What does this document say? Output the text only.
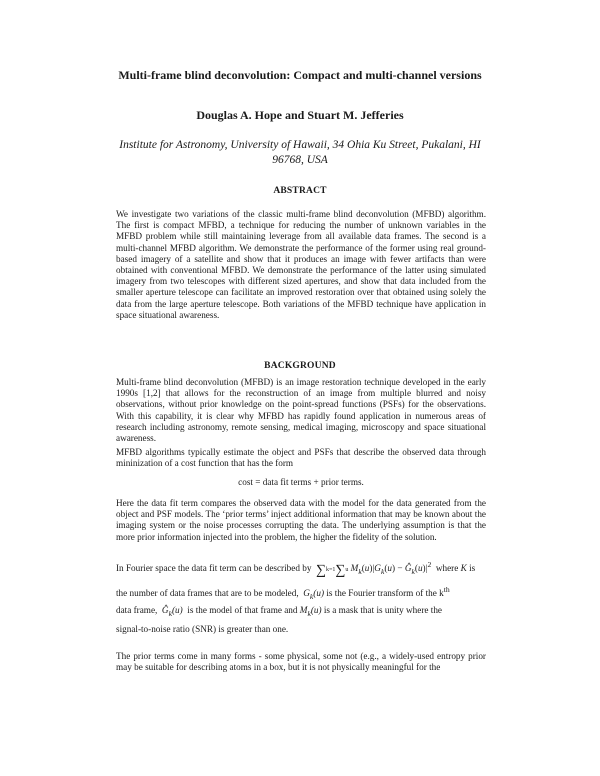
Multi-frame blind deconvolution: Compact and multi-channel versions
Douglas A. Hope and Stuart M. Jefferies
Institute for Astronomy, University of Hawaii, 34 Ohia Ku Street, Pukalani, HI 96768, USA
ABSTRACT
We investigate two variations of the classic multi-frame blind deconvolution (MFBD) algorithm. The first is compact MFBD, a technique for reducing the number of unknown variables in the MFBD problem while still maintaining leverage from all available data frames. The second is a multi-channel MFBD algorithm. We demonstrate the performance of the former using real ground-based imagery of a satellite and show that it produces an image with fewer artifacts than were obtained with conventional MFBD. We demonstrate the performance of the latter using simulated imagery from two telescopes with different sized apertures, and show that data included from the smaller aperture telescope can facilitate an improved restoration over that obtained using solely the data from the large aperture telescope. Both variations of the MFBD technique have application in space situational awareness.
BACKGROUND
Multi-frame blind deconvolution (MFBD) is an image restoration technique developed in the early 1990s [1,2] that allows for the reconstruction of an image from multiple blurred and noisy observations, without prior knowledge on the point-spread functions (PSFs) for the observations. With this capability, it is clear why MFBD has rapidly found application in numerous areas of research including astronomy, remote sensing, medical imaging, microscopy and space situational awareness.
MFBD algorithms typically estimate the object and PSFs that describe the observed data through mininization of a cost function that has the form
cost = data fit terms + prior terms.
Here the data fit term compares the observed data with the model for the data generated from the object and PSF models. The ‘prior terms’ inject additional information that may be known about the imaging system or the noise processes corrupting the data. The underlying assumption is that the more prior information injected into the problem, the higher the fidelity of the solution.
In Fourier space the data fit term can be described by ∑k=1∑u $M_k(u)|G_k(u)$ − $Ĝ_k(u)|^2$ where K is
the number of data frames that are to be modeled, $G_k(u)$ is the Fourier transform of the $k^{th}$
data frame, $Ĝ_k(u)$ is the model of that frame and $M_k(u)$ is a mask that is unity where the
signal-to-noise ratio (SNR) is greater than one.
The prior terms come in many forms - some physical, some not (e.g., a widely-used entropy prior may be suitable for describing atoms in a box, but it is not physically meaningful for the
